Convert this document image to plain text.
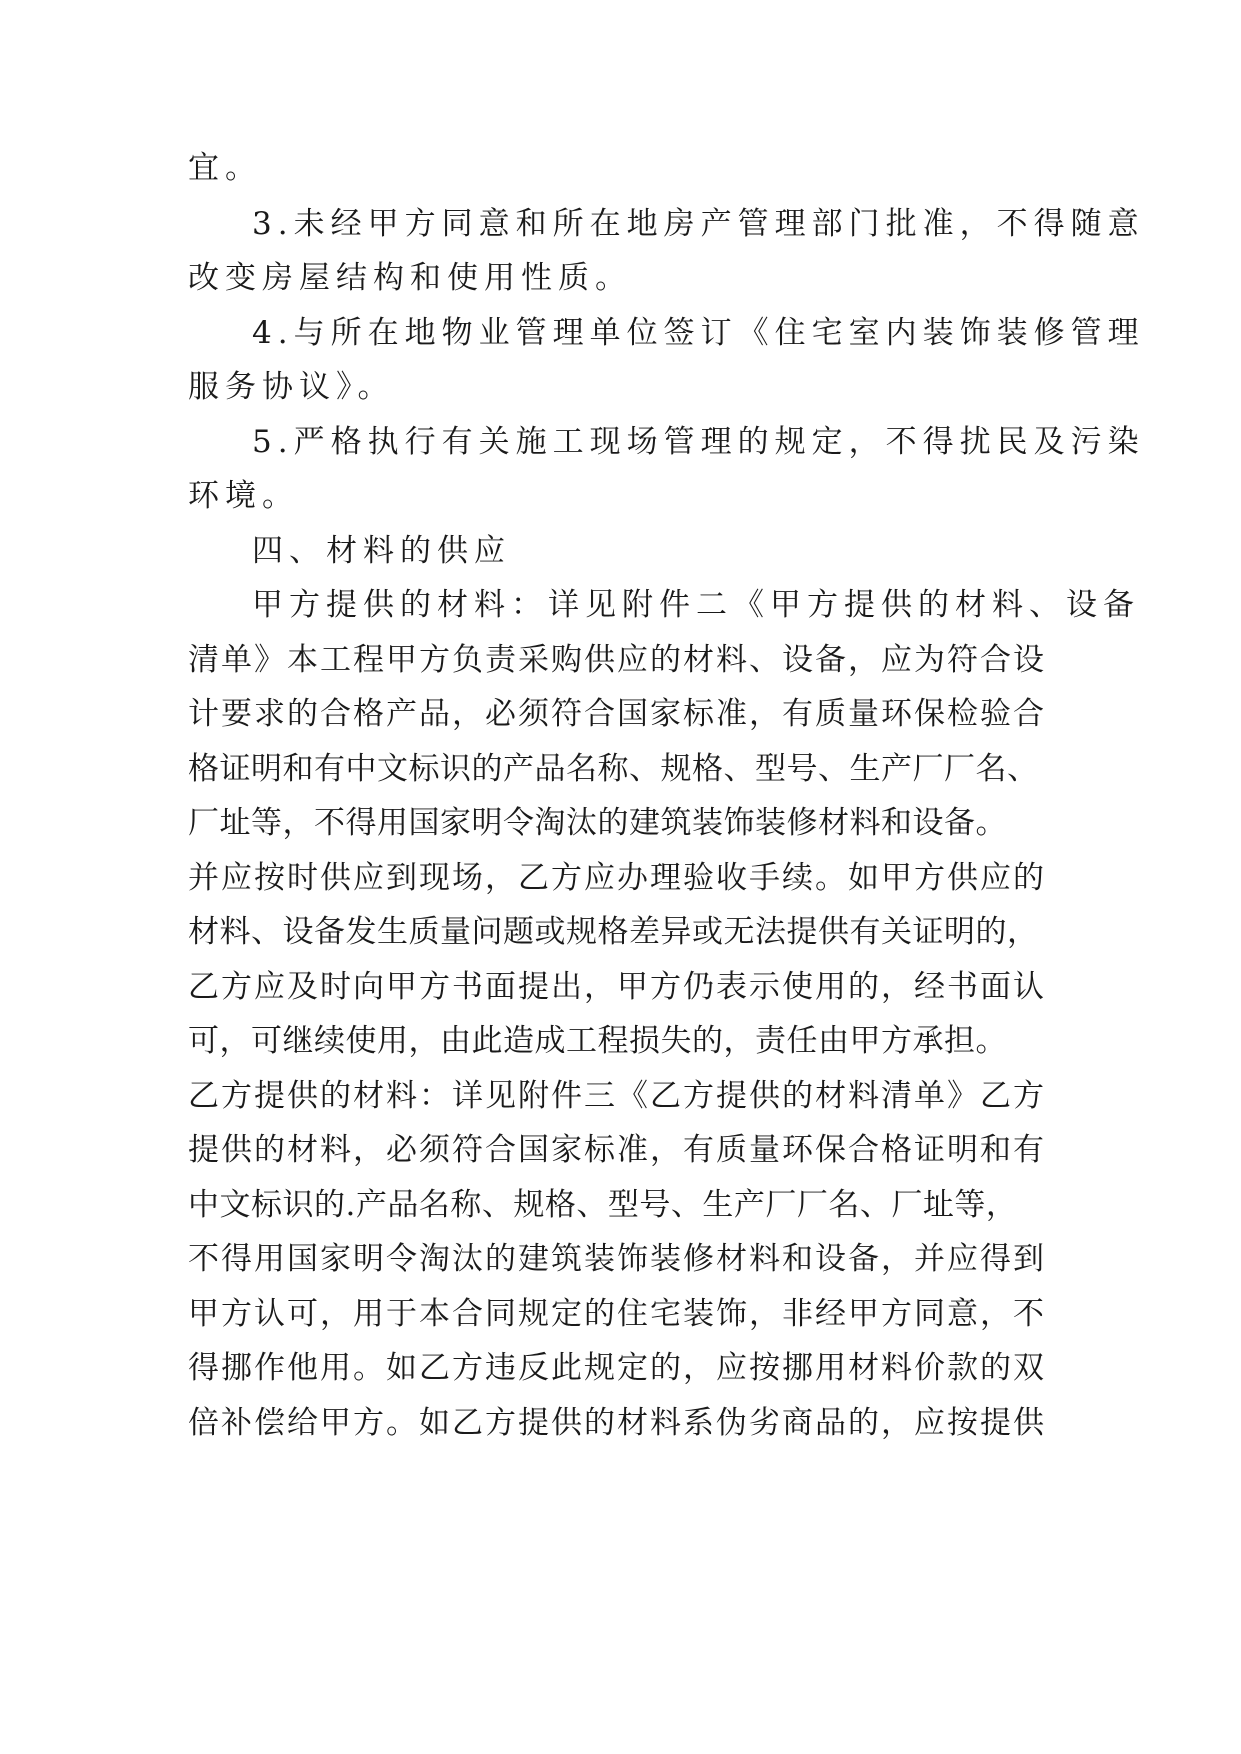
宜。
3.未经甲方同意和所在地房产管理部门批准，不得随意
改变房屋结构和使用性质。
4.与所在地物业管理单位签订《住宅室内装饰装修管理
服务协议》。
5.严格执行有关施工现场管理的规定，不得扰民及污染
环境。
四、材料的供应
甲方提供的材料：详见附件二《甲方提供的材料、设备
清单》本工程甲方负责采购供应的材料、设备，应为符合设
计要求的合格产品，必须符合国家标准，有质量环保检验合
格证明和有中文标识的产品名称、规格、型号、生产厂厂名、
厂址等，不得用国家明令淘汰的建筑装饰装修材料和设备。
并应按时供应到现场，乙方应办理验收手续。如甲方供应的
材料、设备发生质量问题或规格差异或无法提供有关证明的，
乙方应及时向甲方书面提出，甲方仍表示使用的，经书面认
可，可继续使用，由此造成工程损失的，责任由甲方承担。
乙方提供的材料：详见附件三《乙方提供的材料清单》乙方
提供的材料，必须符合国家标准，有质量环保合格证明和有
中文标识的.产品名称、规格、型号、生产厂厂名、厂址等，
不得用国家明令淘汰的建筑装饰装修材料和设备，并应得到
甲方认可，用于本合同规定的住宅装饰，非经甲方同意，不
得挪作他用。如乙方违反此规定的，应按挪用材料价款的双
倍补偿给甲方。如乙方提供的材料系伪劣商品的，应按提供
